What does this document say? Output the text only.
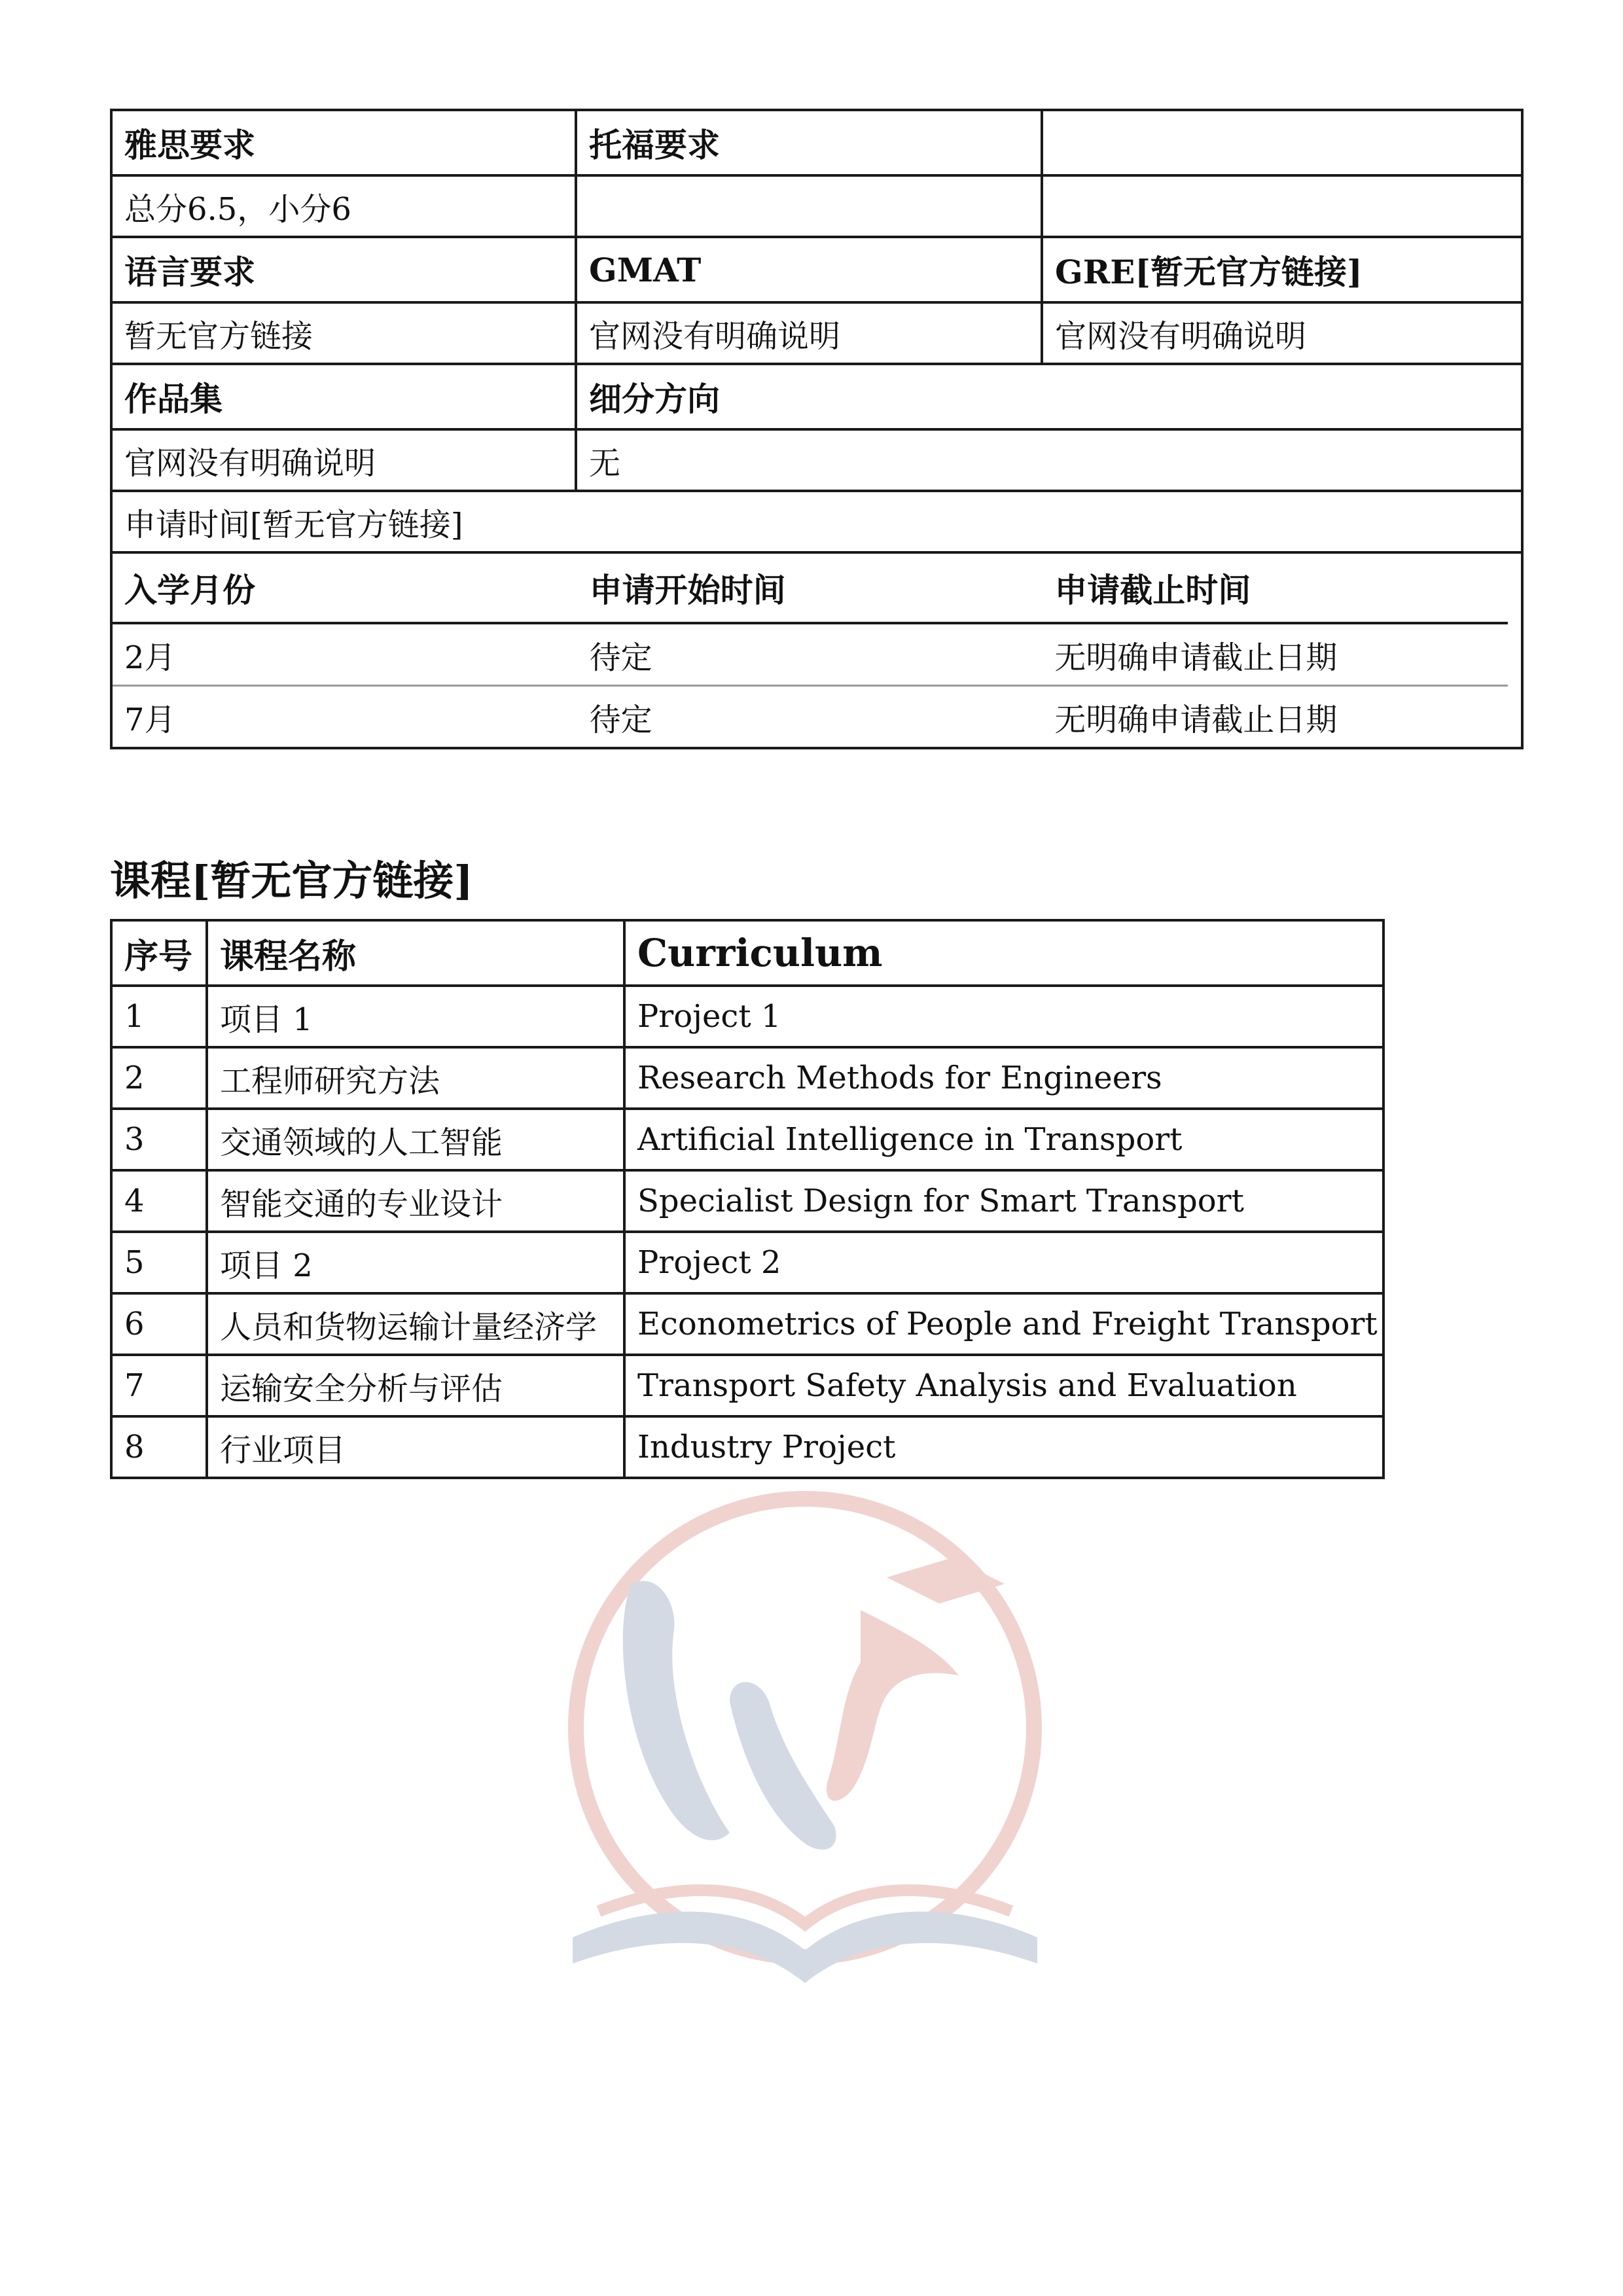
雅思要求	托福要求	
总分6.5，小分6		
语言要求	GMAT	GRE[暂无官方链接]
暂无官方链接	官网没有明确说明	官网没有明确说明
作品集	细分方向
官网没有明确说明	无
申请时间[暂无官方链接]

入学月份	申请开始时间	申请截止时间
2月	待定	无明确申请截止日期
7月	待定	无明确申请截止日期
课程[暂无官方链接]
序号	课程名称	Curriculum
1	项目 1	Project 1
2	工程师研究方法	Research Methods for Engineers
3	交通领域的人工智能	Artificial Intelligence in Transport
4	智能交通的专业设计	Specialist Design for Smart Transport
5	项目 2	Project 2
6	人员和货物运输计量经济学	Econometrics of People and Freight Transport
7	运输安全分析与评估	Transport Safety Analysis and Evaluation
8	行业项目	Industry Project
